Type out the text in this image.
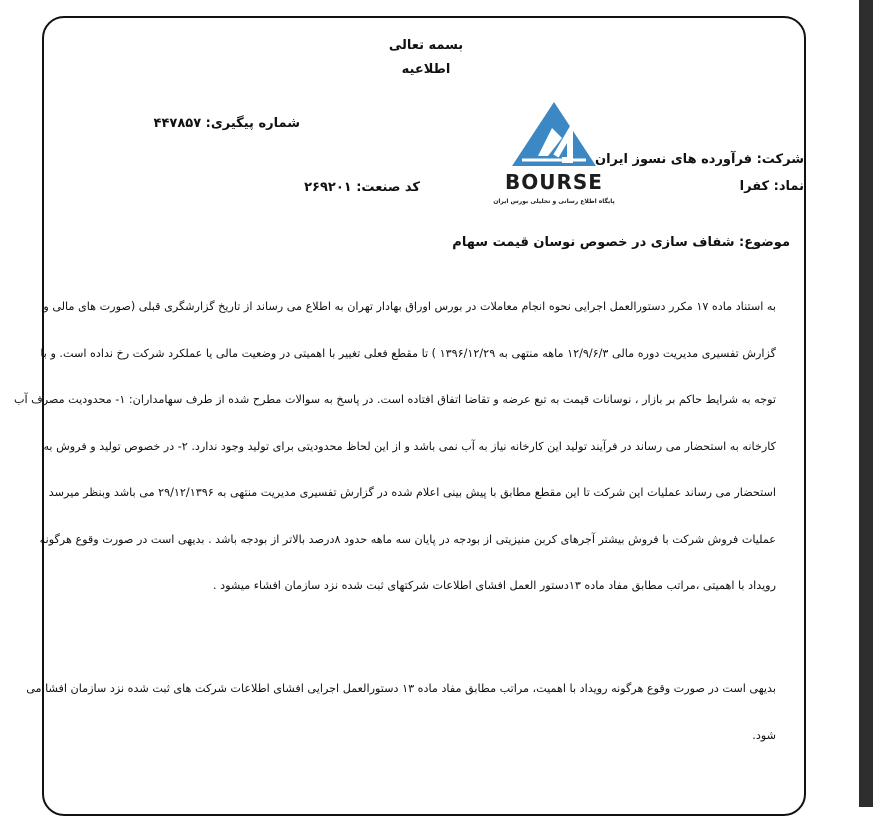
بسمه تعالی
اطلاعیه
شماره پیگیری: ۴۴۷۸۵۷
کد صنعت: ۲۶۹۲۰۱
شرکت: فرآورده های نسوز ایران
نماد: کفرا
BOURSE
پایگاه اطلاع رسانی و تحلیلی بورس ایران
موضوع: شفاف سازی در خصوص نوسان قیمت سهام
به استناد ماده ۱۷ مکرر دستورالعمل اجرایی نحوه انجام معاملات در بورس اوراق بهادار تهران به اطلاع می رساند از تاریخ گزارشگری قبلی (صورت های مالی و
گزارش تفسیری مدیریت دوره مالی ۱۲/۹/۶/۳ ماهه منتهی به ۱۳۹۶/۱۲/۲۹ ) تا مقطع فعلی تغییر با اهمیتی در وضعیت مالی یا عملکرد شرکت رخ نداده است. و با
توجه به شرایط حاکم بر بازار ، نوسانات قیمت به تبع عرضه و تقاضا اتفاق افتاده است. در پاسخ به سوالات مطرح شده از طرف سهامداران: ۱- محدودیت مصرف آب
کارخانه به استحضار می رساند در فرآیند تولید این کارخانه نیاز به آب نمی باشد و از این لحاظ محدودیتی برای تولید وجود ندارد. ۲- در خصوص تولید و فروش به
استحضار می رساند عملیات این شرکت تا این مقطع مطابق با پیش بینی اعلام شده در گزارش تفسیری مدیریت منتهی به ۲۹/۱۲/۱۳۹۶ می باشد وبنظر میرسد
عملیات فروش شرکت با فروش بیشتر آجرهای کربن منیزیتی از بودجه در پایان سه ماهه حدود ۸درصد بالاتر از بودجه باشد . بدیهی است در صورت وقوع هرگونه
رویداد با اهمیتی ،مراتب مطابق مفاد ماده ۱۳دستور العمل افشای اطلاعات شرکتهای ثبت شده نزد سازمان افشاء میشود .
بدیهی است در صورت وقوع هرگونه رویداد با اهمیت، مراتب مطابق مفاد ماده ۱۳ دستورالعمل اجرایی افشای اطلاعات شرکت های ثبت شده نزد سازمان افشا می
شود.
